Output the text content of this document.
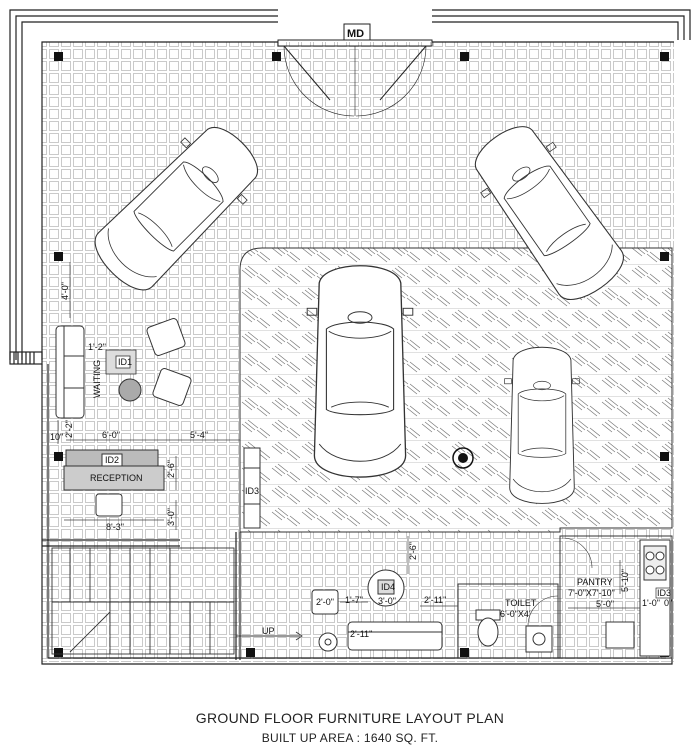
MD
WAITING ID1
RECEPTION
ID2
ID3
UP
ID4
TOILET
6'-0"X4'
PANTRY
7'-0"X7'-10"
4'-0"
1'-2"
2'-2"
10"	6'-0"	5'-4"
2'-6"
3'-0"
8'-3"
2'-6"
2'-0" 1'-7" 3'-0"	2'-11"
2'-11"
5'-10"
5'-0"	1'-0" 0"
ID3
GROUND FLOOR FURNITURE LAYOUT PLAN
BUILT UP AREA : 1640 SQ. FT.
